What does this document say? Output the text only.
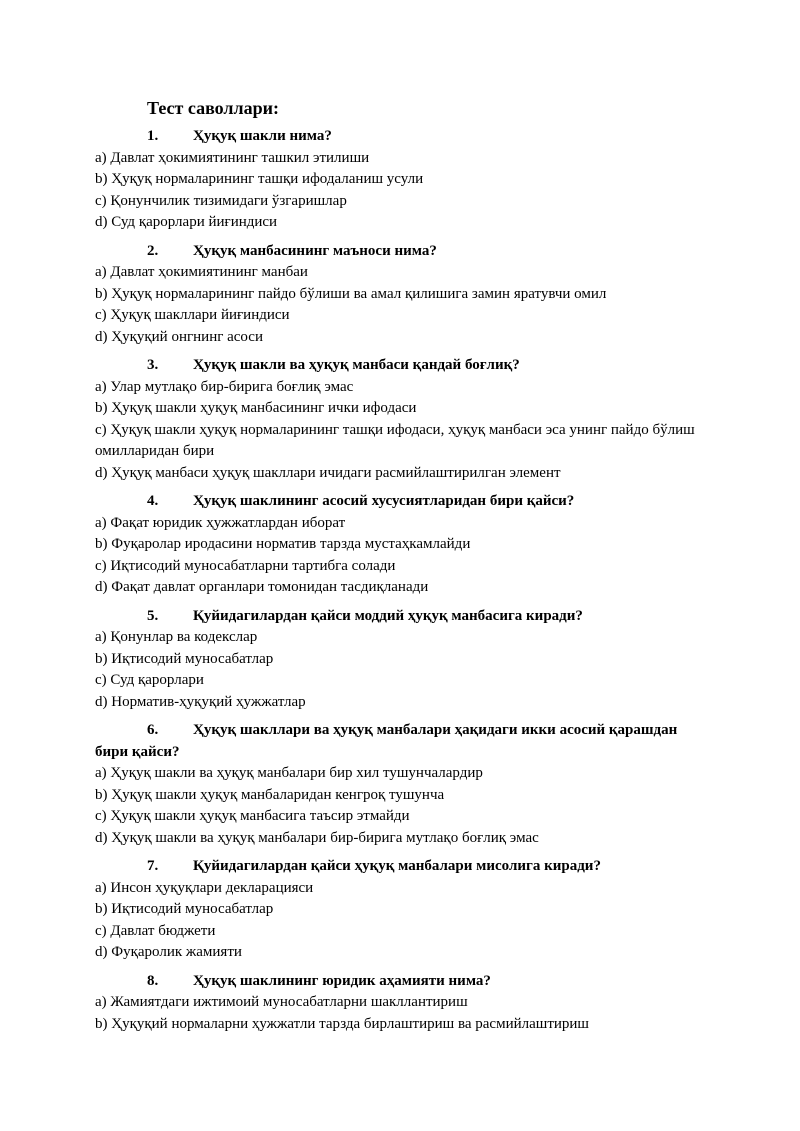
Тест саволлари:
1. Ҳуқуқ шакли нима?
a) Давлат ҳокимиятининг ташкил этилиши
b) Ҳуқуқ нормаларининг ташқи ифодаланиш усули
c) Қонунчилик тизимидаги ўзгаришлар
d) Суд қарорлари йиғиндиси
2. Ҳуқуқ манбасининг маъноси нима?
a) Давлат ҳокимиятининг манбаи
b) Ҳуқуқ нормаларининг пайдо бўлиши ва амал қилишига замин яратувчи омил
c) Ҳуқуқ шакллари йиғиндиси
d) Ҳуқуқий онгнинг асоси
3. Ҳуқуқ шакли ва ҳуқуқ манбаси қандай боғлиқ?
a) Улар мутлақо бир-бирига боғлиқ эмас
b) Ҳуқуқ шакли ҳуқуқ манбасининг ички ифодаси
c) Ҳуқуқ шакли ҳуқуқ нормаларининг ташқи ифодаси, ҳуқуқ манбаси эса унинг пайдо бўлиш омилларидан бири
d) Ҳуқуқ манбаси ҳуқуқ шакллари ичидаги расмийлаштирилган элемент
4. Ҳуқуқ шаклининг асосий хусусиятларидан бири қайси?
a) Фақат юридик ҳужжатлардан иборат
b) Фуқаролар иродасини норматив тарзда мустаҳкамлайди
c) Иқтисодий муносабатларни тартибга солади
d) Фақат давлат органлари томонидан тасдиқланади
5. Қуйидагилардан қайси моддий ҳуқуқ манбасига киради?
a) Қонунлар ва кодекслар
b) Иқтисодий муносабатлар
c) Суд қарорлари
d) Норматив-ҳуқуқий ҳужжатлар
6. Ҳуқуқ шакллари ва ҳуқуқ манбалари ҳақидаги икки асосий қарашдан бири қайси?
a) Ҳуқуқ шакли ва ҳуқуқ манбалари бир хил тушунчалардир
b) Ҳуқуқ шакли ҳуқуқ манбаларидан кенгроқ тушунча
c) Ҳуқуқ шакли ҳуқуқ манбасига таъсир этмайди
d) Ҳуқуқ шакли ва ҳуқуқ манбалари бир-бирига мутлақо боғлиқ эмас
7. Қуйидагилардан қайси ҳуқуқ манбалари мисолига киради?
a) Инсон ҳуқуқлари декларацияси
b) Иқтисодий муносабатлар
c) Давлат бюджети
d) Фуқаролик жамияти
8. Ҳуқуқ шаклининг юридик аҳамияти нима?
a) Жамиятдаги ижтимоий муносабатларни шакллантириш
b) Ҳуқуқий нормаларни ҳужжатли тарзда бирлаштириш ва расмийлаштириш
